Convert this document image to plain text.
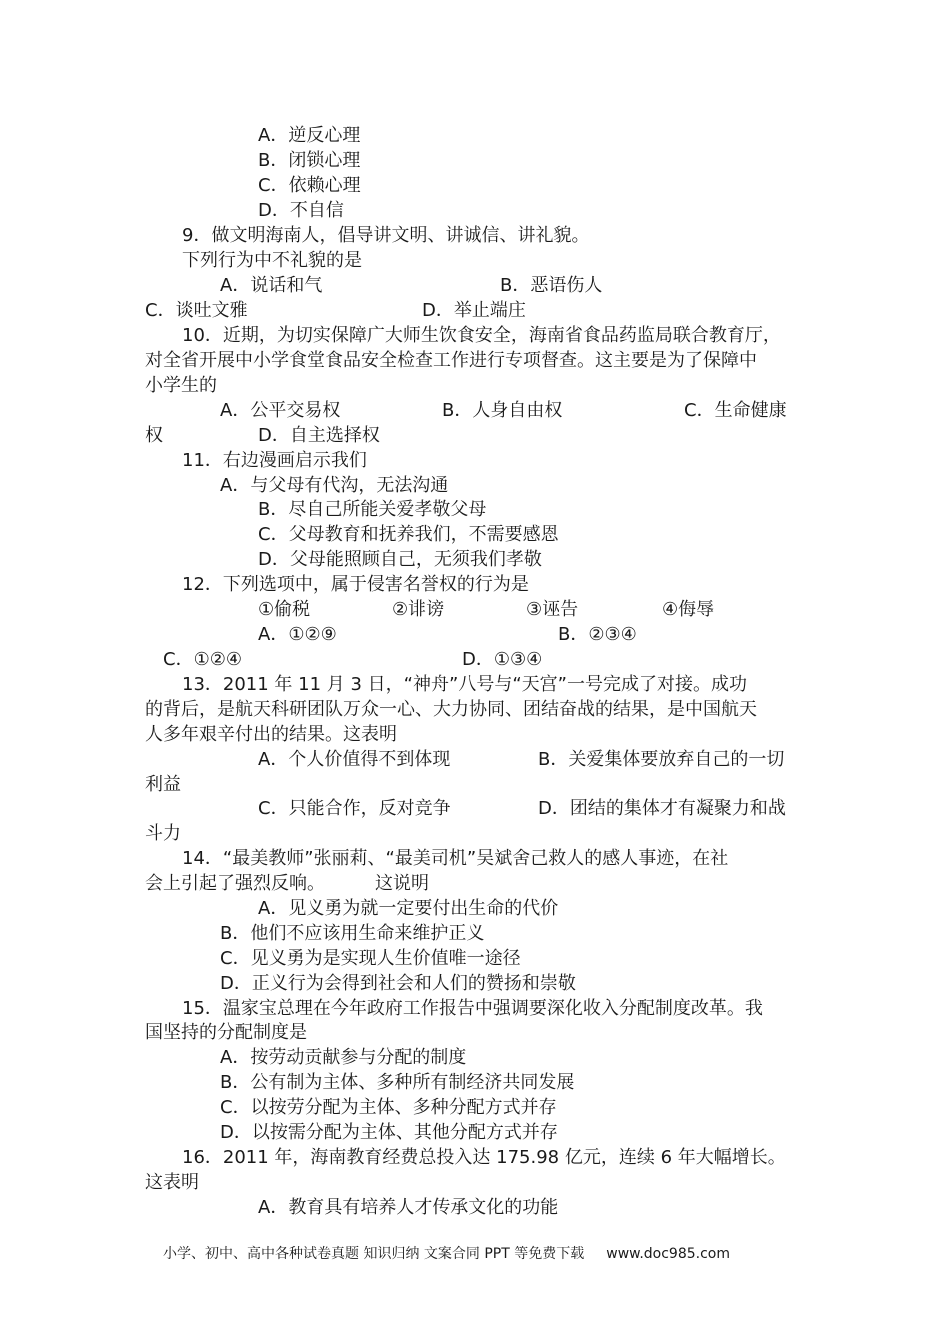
A．逆反心理
B．闭锁心理
C．依赖心理
D．不自信
9．做文明海南人，倡导讲文明、讲诚信、讲礼貌。
下列行为中不礼貌的是
A．说话和气	B．恶语伤人
C．谈吐文雅	D．举止端庄
10．近期，为切实保障广大师生饮食安全，海南省食品药监局联合教育厅，
对全省开展中小学食堂食品安全检查工作进行专项督查。这主要是为了保障中
小学生的
A．公平交易权	B．人身自由权	C．生命健康
权	D．自主选择权
11．右边漫画启示我们
A．与父母有代沟，无法沟通
B．尽自己所能关爱孝敬父母
C．父母教育和抚养我们，不需要感恩
D．父母能照顾自己，无须我们孝敬
12．下列选项中，属于侵害名誉权的行为是
①偷税	②诽谤	③诬告	④侮辱
A．①②⑨	B．②③④
C．①②④	D．①③④
13．2011 年 11 月 3 日，“神舟”八号与“天宫”一号完成了对接。成功
的背后，是航天科研团队万众一心、大力协同、团结奋战的结果，是中国航天
人多年艰辛付出的结果。这表明
A．个人价值得不到体现	B．关爱集体要放弃自己的一切
利益
C．只能合作，反对竞争	D．团结的集体才有凝聚力和战
斗力
14．“最美教师”张丽莉、“最美司机”吴斌舍己救人的感人事迹，在社
会上引起了强烈反响。	这说明
A．见义勇为就一定要付出生命的代价
B．他们不应该用生命来维护正义
C．见义勇为是实现人生价值唯一途径
D．正义行为会得到社会和人们的赞扬和崇敬
15．温家宝总理在今年政府工作报告中强调要深化收入分配制度改革。我
国坚持的分配制度是
A．按劳动贡献参与分配的制度
B．公有制为主体、多种所有制经济共同发展
C．以按劳分配为主体、多种分配方式并存
D．以按需分配为主体、其他分配方式并存
16．2011 年，海南教育经费总投入达 175.98 亿元，连续 6 年大幅增长。
这表明
A．教育具有培养人才传承文化的功能
小学、初中、高中各种试卷真题 知识归纳 文案合同 PPT 等免费下载 www.doc985.com
